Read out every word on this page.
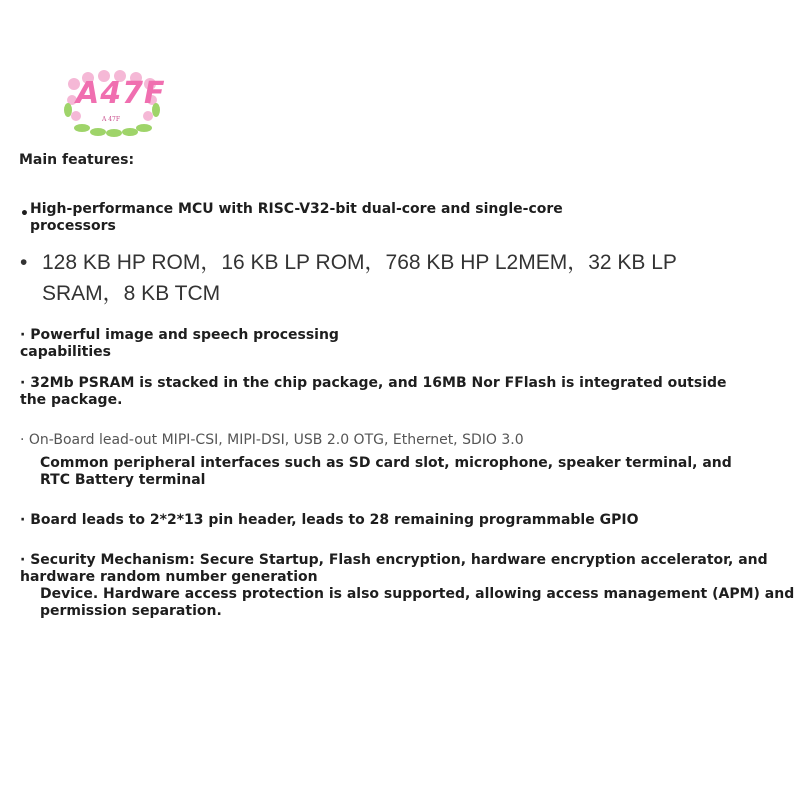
A47F
A 47F
Main features:
• High-performance MCU with RISC-V32-bit dual-core and single-core
processors
• 128 KB HP ROM，16 KB LP ROM，768 KB HP L2MEM，32 KB LP
SRAM，8 KB TCM
· Powerful image and speech processing
capabilities
· 32Mb PSRAM is stacked in the chip package, and 16MB Nor FFlash is integrated outside
the package.
· On-Board lead-out MIPI-CSI, MIPI-DSI, USB 2.0 OTG, Ethernet, SDIO 3.0
Common peripheral interfaces such as SD card slot, microphone, speaker terminal, and
RTC Battery terminal
· Board leads to 2*2*13 pin header, leads to 28 remaining programmable GPIO
· Security Mechanism: Secure Startup, Flash encryption, hardware encryption accelerator, and
hardware random number generation
Device. Hardware access protection is also supported, allowing access management (APM) and
permission separation.
